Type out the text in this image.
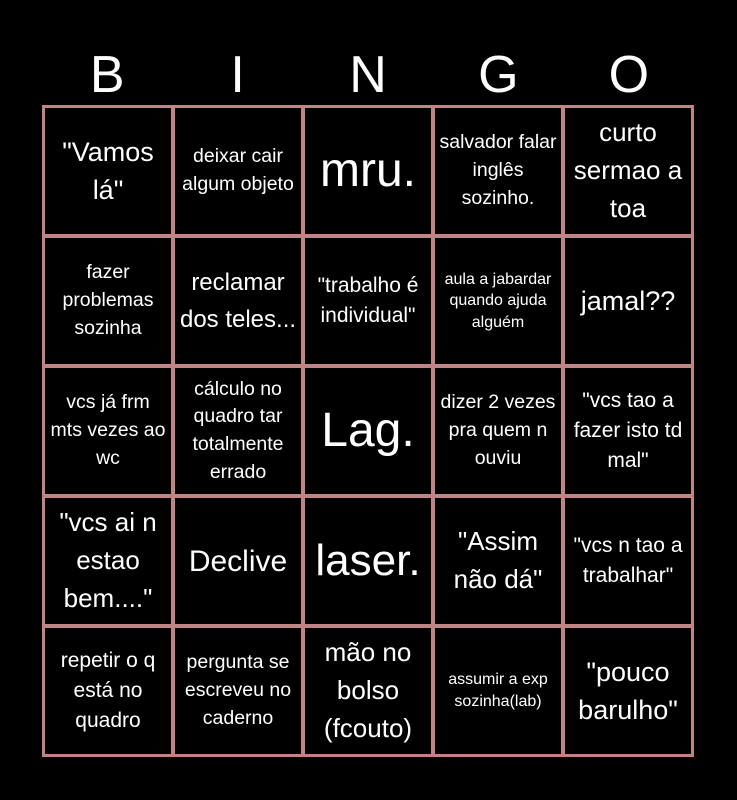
B	I	N	G	O
"Vamos lá"
deixar cair algum objeto mru.
salvador falar inglês sozinho.
curto sermao a toa
fazer problemas sozinha
reclamar dos teles...
"trabalho é individual"
aula a jabardar quando ajuda alguém
jamal??
vcs já frm mts vezes ao wc
cálculo no quadro tar totalmente errado
Lag.
dizer 2 vezes pra quem n ouviu
"vcs tao a fazer isto td mal"
"vcs ai n estao bem...."
Declive laser.	"Assim não dá"
"vcs n tao a trabalhar"
repetir o q está no quadro
pergunta se escreveu no caderno
mão no bolso (fcouto)
assumir a exp sozinha(lab)
"pouco barulho"
